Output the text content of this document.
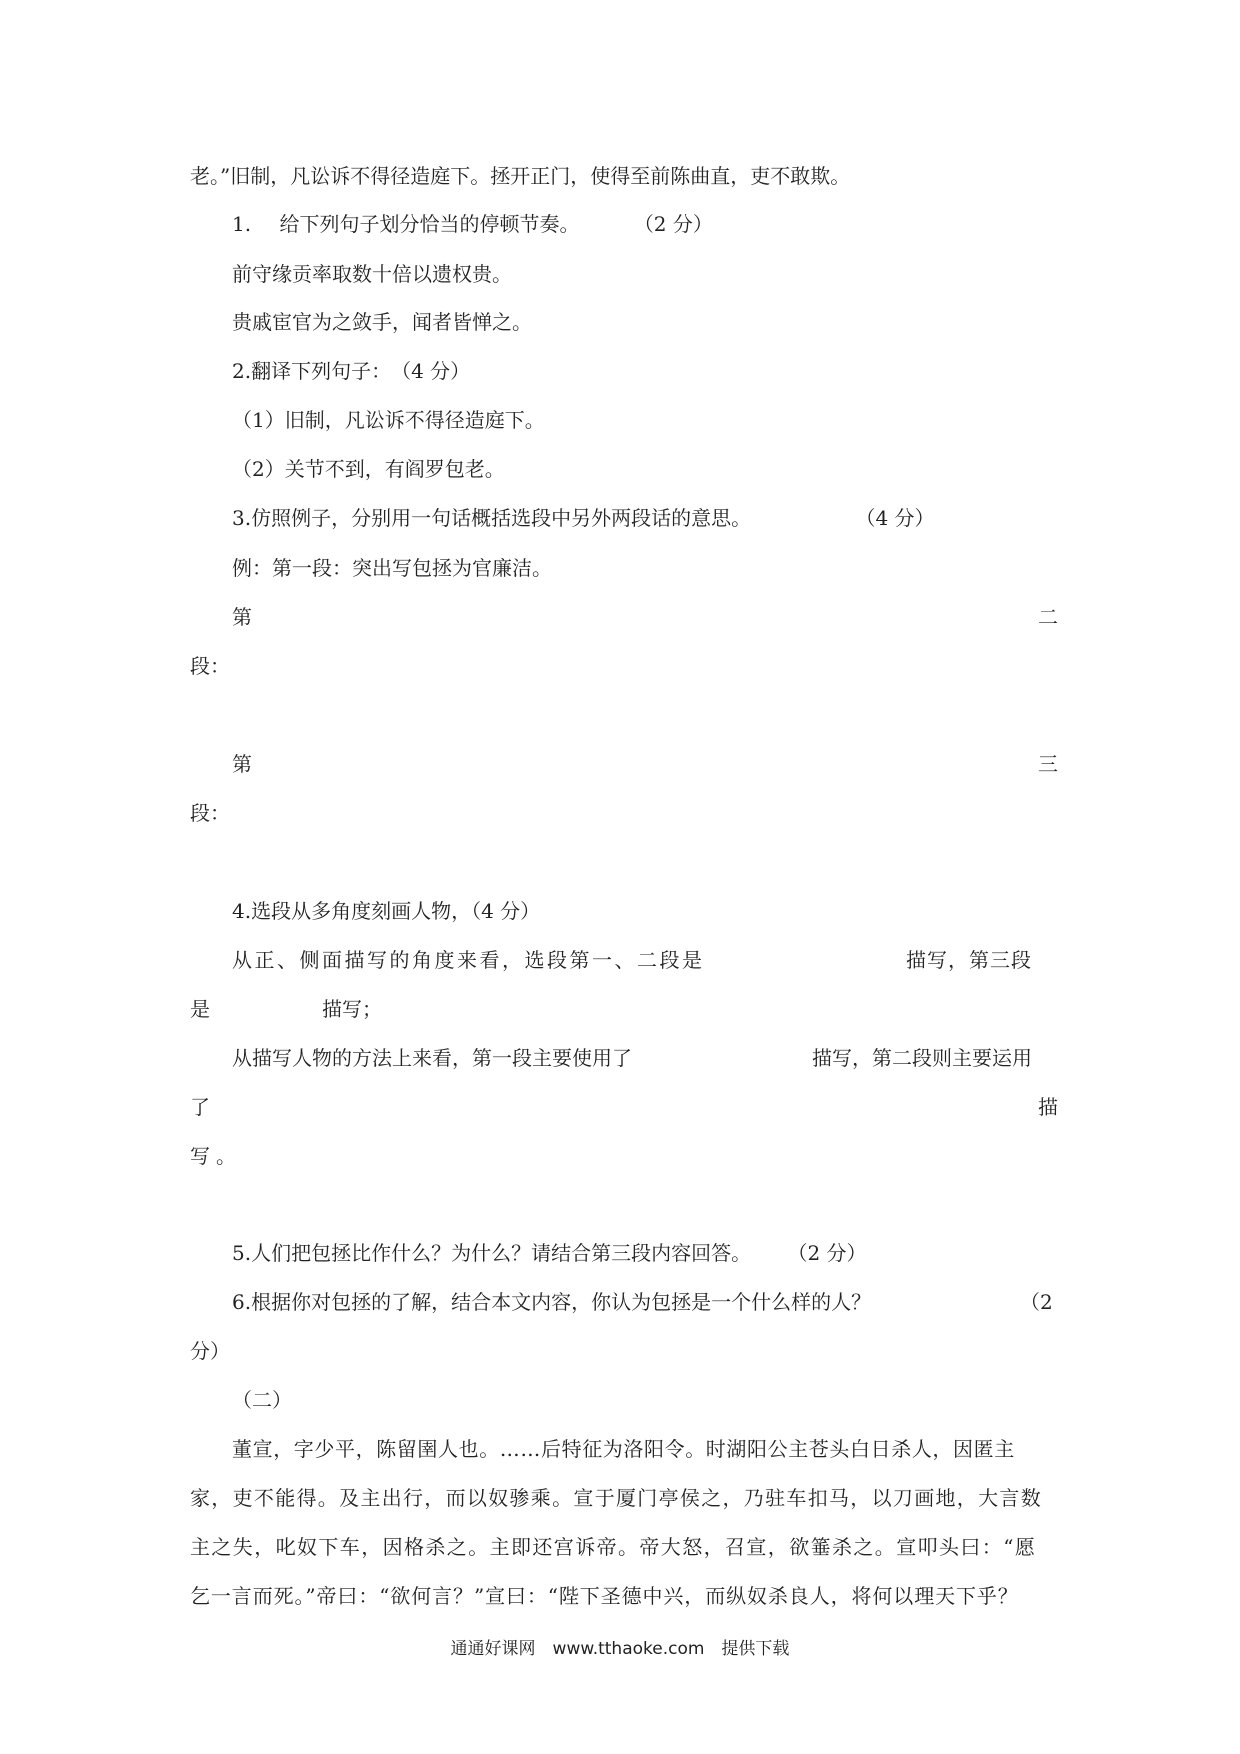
老。”旧制，凡讼诉不得径造庭下。拯开正门，使得至前陈曲直，吏不敢欺。
1. 给下列句子划分恰当的停顿节奏。	（2 分）
前守缘贡率取数十倍以遗权贵。
贵戚宦官为之敛手，闻者皆惮之。
2.翻译下列句子：　（4 分）
（1）旧制，凡讼诉不得径造庭下。
（2）关节不到，有阎罗包老。
3.仿照例子，分别用一句话概括选段中另外两段话的意思。	（4 分）
例：第一段：突出写包拯为官廉洁。
第	二
段：
第	三
段：
4.选段从多角度刻画人物，（4 分）
从正、侧面描写的角度来看，选段第一、二段是	描写，第三段
是	描写；
从描写人物的方法上来看，第一段主要使用了	描写，第二段则主要运用
了	描
写。
5.人们把包拯比作什么？为什么？请结合第三段内容回答。 （2 分）
6.根据你对包拯的了解，结合本文内容，你认为包拯是一个什么样的人？	（2
分）
（二）
董宣，字少平，陈留圉人也。……后特征为洛阳令。时湖阳公主苍头白日杀人，因匿主
家，吏不能得。及主出行，而以奴骖乘。宣于厦门亭侯之，乃驻车扣马，以刀画地，大言数
主之失，叱奴下车，因格杀之。主即还宫诉帝。帝大怒，召宣，欲箠杀之。宣叩头曰：“愿
乞一言而死。”帝曰：“欲何言？”宣曰：“陛下圣德中兴，而纵奴杀良人，将何以理天下乎？
通通好课网　www.tthaoke.com　提供下载
